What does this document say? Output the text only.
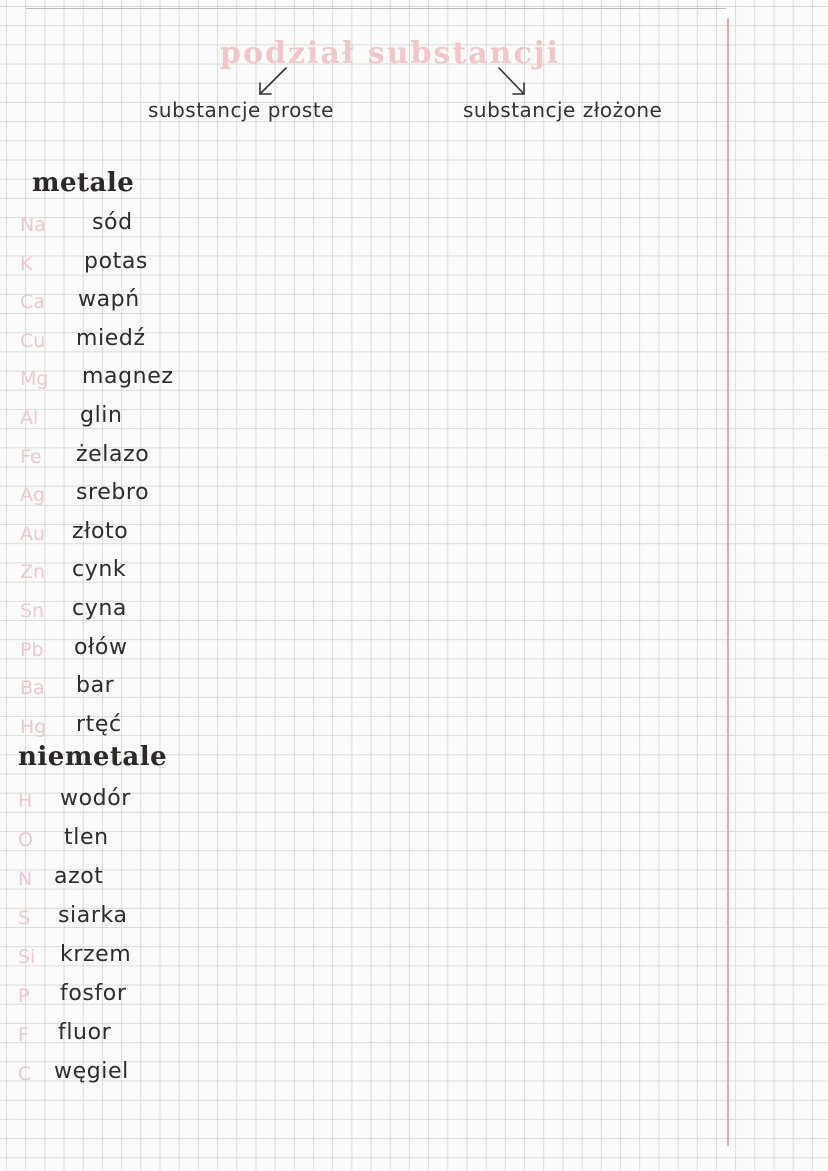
podział substancji
substancje proste	substancje złożone
metale
Na	sód
K	potas
Ca	wapń
Cu	miedź
Mg	magnez
Al	glin
Fe	żelazo
Ag	srebro
Au	złoto
Zn	cynk
Sn	cyna
Pb	ołów
Ba	bar
Hg	rtęć
niemetale
H	wodór
O	tlen
N azot
S	siarka
Si	krzem
P	fosfor
F	fluor
C	węgiel
